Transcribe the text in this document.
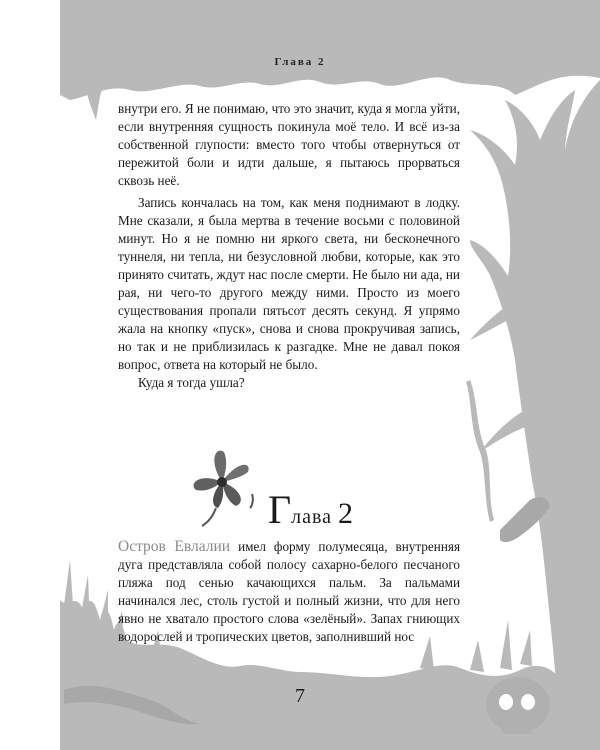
Глава 2

внутри его. Я не понимаю, что это значит, куда я могла уйти, если внутренняя сущность покинула моё тело. И всё из-за собственной глупости: вместо того чтобы отвернуться от пережитой боли и идти дальше, я пытаюсь прорваться сквозь неё.

Запись кончалась на том, как меня поднимают в лодку. Мне сказали, я была мертва в течение восьми с половиной минут. Но я не помню ни яркого света, ни бесконечного туннеля, ни тепла, ни безусловной любви, которые, как это принято считать, ждут нас после смерти. Не было ни ада, ни рая, ни чего-то другого между ними. Просто из моего существования пропали пятьсот десять секунд. Я упрямо жала на кнопку «пуск», снова и снова прокручивая запись, но так и не приблизилась к разгадке. Мне не давал покоя вопрос, ответа на который не было.

Куда я тогда ушла?

Глава 2

Остров Евлалии имел форму полумесяца, внутренняя дуга представляла собой полосу сахарно-белого песчаного пляжа под сенью качающихся пальм. За пальмами начинался лес, столь густой и полный жизни, что для него явно не хватало простого слова «зелёный». Запах гниющих водорослей и тропических цветов, заполнивший нос

7
